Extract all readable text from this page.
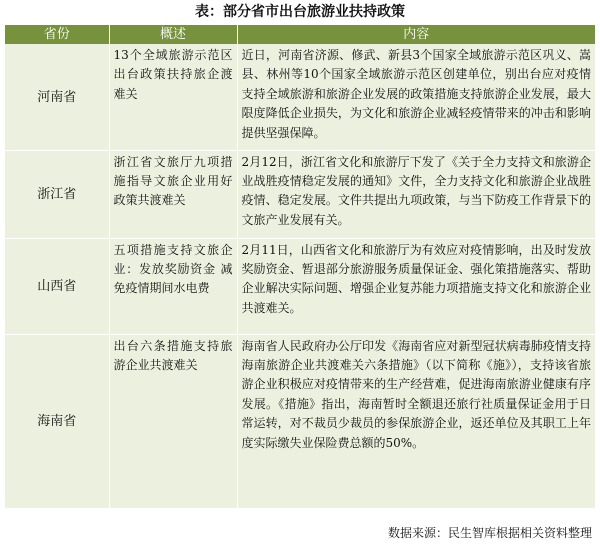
表：部分省市出台旅游业扶持政策
省份	概述	内容
河南省	13个全域旅游示范区出台政策扶持旅企渡难关	近日，河南省济源、修武、新县3个国家全域旅游示范区巩义、嵩县、林州等10个国家全域旅游示范区创建单位，别出台应对疫情支持全域旅游和旅游企业发展的政策措施支持旅游企业发展，最大限度降低企业损失，为文化和旅游企业减轻疫情带来的冲击和影响提供坚强保障。
浙江省	浙江省文旅厅九项措施指导文旅企业用好政策共渡难关	2月12日，浙江省文化和旅游厅下发了《关于全力支持文和旅游企业战胜疫情稳定发展的通知》文件，全力支持文化和旅游企业战胜疫情、稳定发展。文件共提出九项政策，与当下防疫工作背景下的文旅产业发展有关。
山西省	五项措施支持文旅企业：发放奖励资金 减免疫情期间水电费	2月11日，山西省文化和旅游厅为有效应对疫情影响，出及时发放奖励资金、暂退部分旅游服务质量保证金、强化策措施落实、帮助企业解决实际问题、增强企业复苏能力项措施支持文化和旅游企业共渡难关。
海南省	出台六条措施支持旅游企业共渡难关	海南省人民政府办公厅印发《海南省应对新型冠状病毒肺疫情支持海南旅游企业共渡难关六条措施》（以下简称《施》），支持该省旅游企业积极应对疫情带来的生产经营难，促进海南旅游业健康有序发展。《措施》指出，海南暂时全额退还旅行社质量保证金用于日常运转，对不裁员少裁员的参保旅游企业，返还单位及其职工上年度实际缴失业保险费总额的50%。
数据来源：民生智库根据相关资料整理
